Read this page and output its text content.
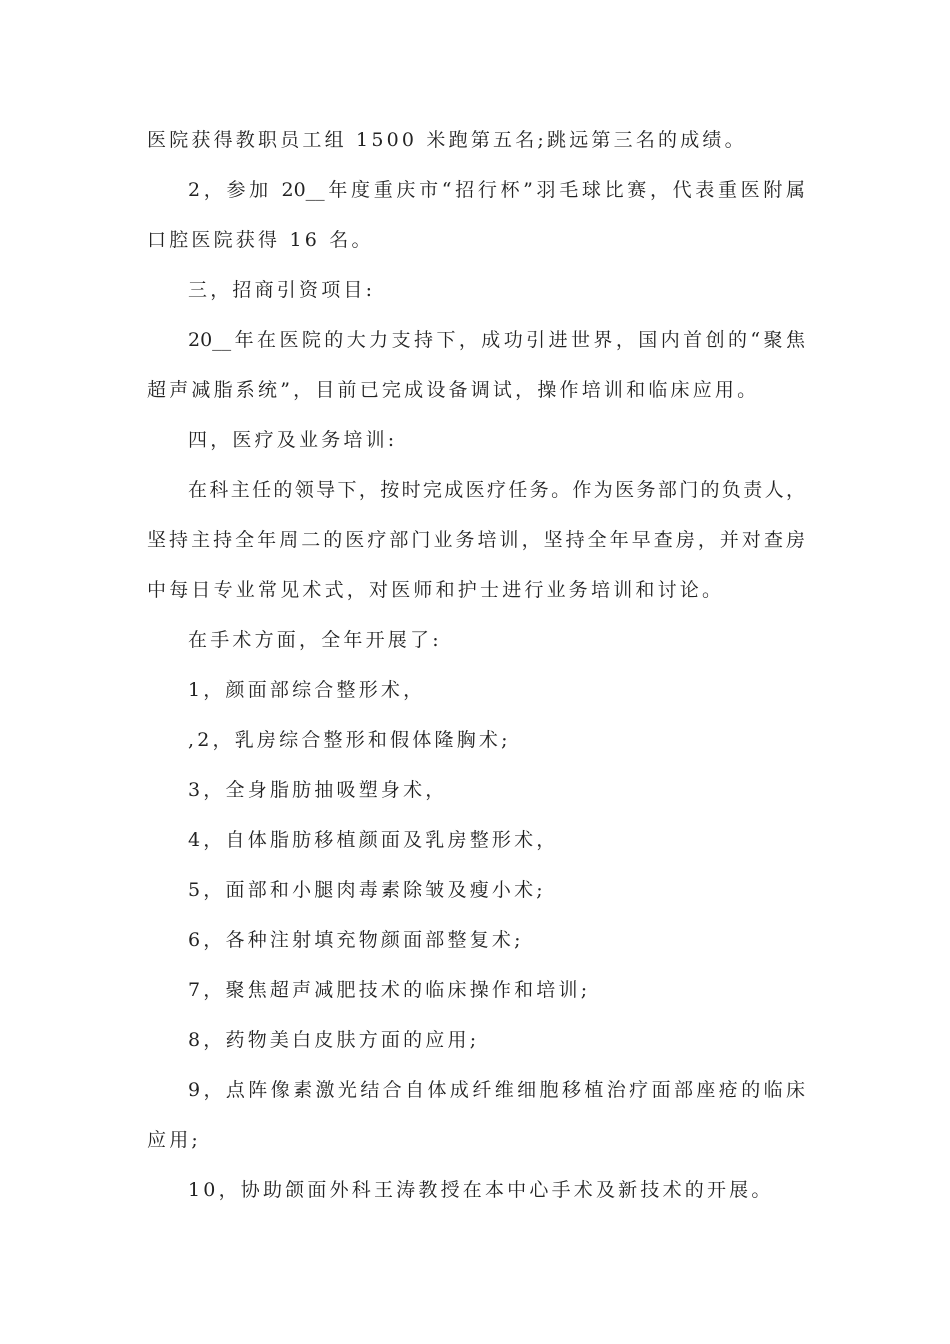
医院获得教职员工组 1500 米跑第五名;跳远第三名的成绩。
2，参加 20__年度重庆市“招行杯”羽毛球比赛，代表重医附属
口腔医院获得 16 名。
三，招商引资项目:
20__年在医院的大力支持下，成功引进世界，国内首创的“聚焦
超声减脂系统”，目前已完成设备调试，操作培训和临床应用。
四，医疗及业务培训:
在科主任的领导下，按时完成医疗任务。作为医务部门的负责人，
坚持主持全年周二的医疗部门业务培训，坚持全年早查房，并对查房
中每日专业常见术式，对医师和护士进行业务培训和讨论。
在手术方面，全年开展了:
1，颜面部综合整形术，
,2，乳房综合整形和假体隆胸术;
3，全身脂肪抽吸塑身术，
4，自体脂肪移植颜面及乳房整形术，
5，面部和小腿肉毒素除皱及瘦小术;
6，各种注射填充物颜面部整复术;
7，聚焦超声减肥技术的临床操作和培训;
8，药物美白皮肤方面的应用;
9，点阵像素激光结合自体成纤维细胞移植治疗面部座疮的临床
应用;
10，协助颌面外科王涛教授在本中心手术及新技术的开展。
